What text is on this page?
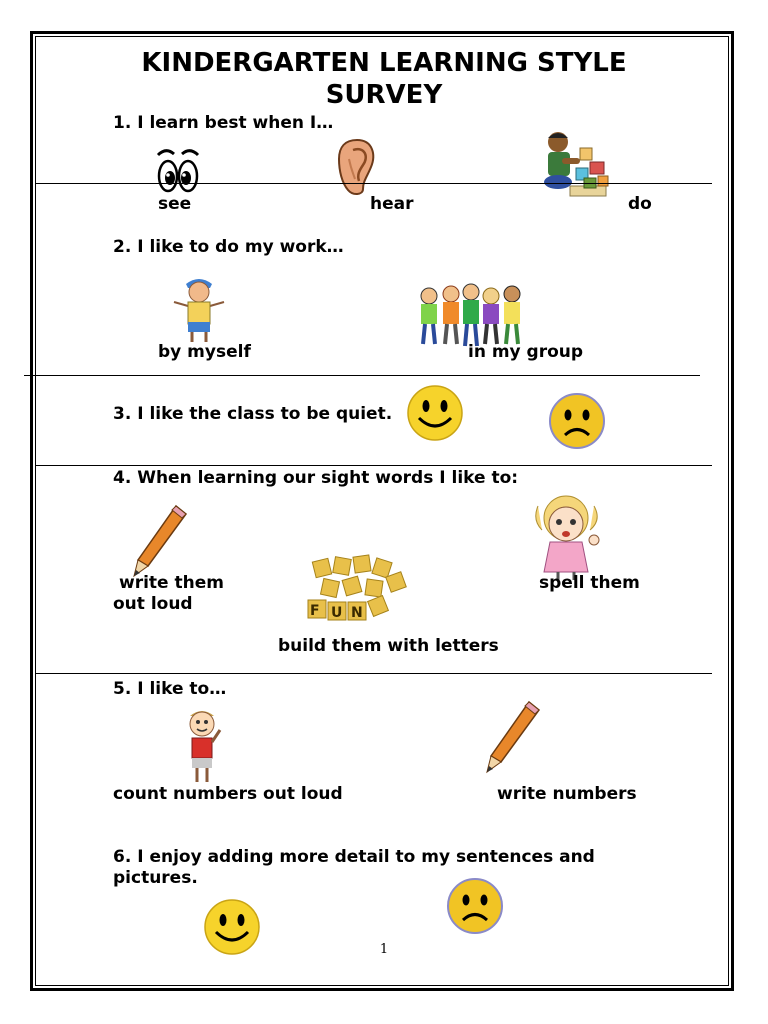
KINDERGARTEN LEARNING STYLE
SURVEY
1. I learn best when I…
see	hear	do
2. I like to do my work…
by myself	in my group
3. I like the class to be quiet.
4. When learning our sight words I like to:
F U N
write them	spell them
out loud
build them with letters
5. I like to…
count numbers out loud	write numbers
6. I enjoy adding more detail to my sentences and
pictures.
1
